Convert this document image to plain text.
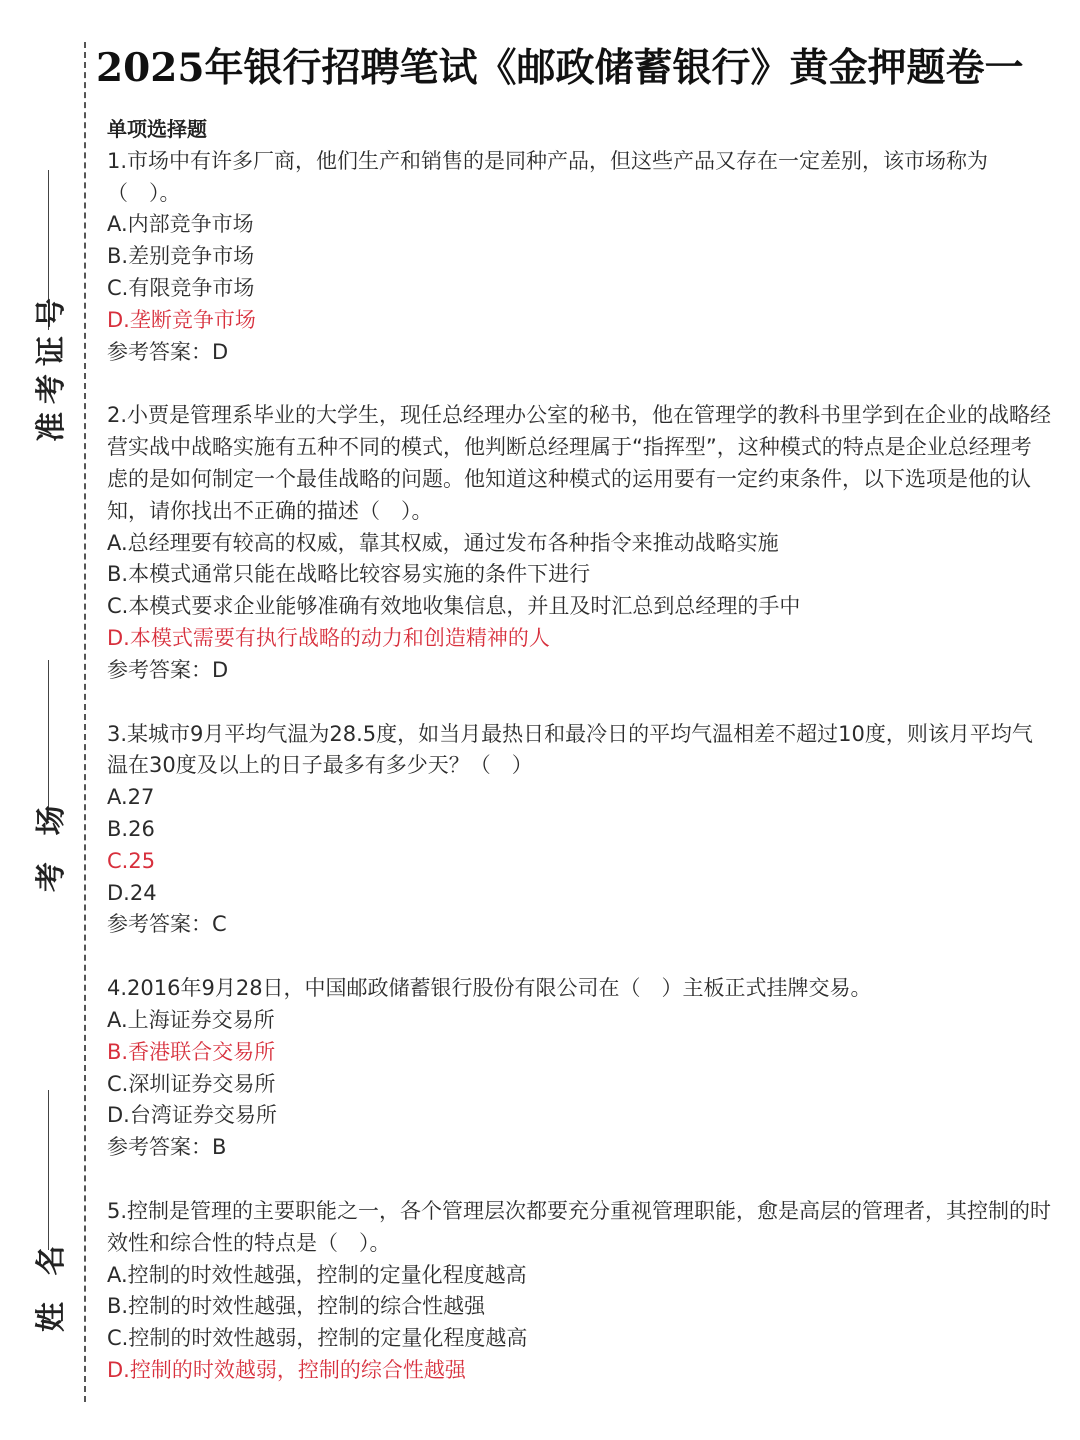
准考证号
考 场
姓 名
2025年银行招聘笔试《邮政储蓄银行》黄金押题卷一
单项选择题

1.市场中有许多厂商，他们生产和销售的是同种产品，但这些产品又存在一定差别，该市场称为（　）。

A.内部竞争市场
B.差别竞争市场
C.有限竞争市场
D.垄断竞争市场
参考答案：D

2.小贾是管理系毕业的大学生，现任总经理办公室的秘书，他在管理学的教科书里学到在企业的战略经营实战中战略实施有五种不同的模式，他判断总经理属于“指挥型”，这种模式的特点是企业总经理考虑的是如何制定一个最佳战略的问题。他知道这种模式的运用要有一定约束条件，以下选项是他的认知，请你找出不正确的描述（　）。

A.总经理要有较高的权威，靠其权威，通过发布各种指令来推动战略实施
B.本模式通常只能在战略比较容易实施的条件下进行
C.本模式要求企业能够准确有效地收集信息，并且及时汇总到总经理的手中
D.本模式需要有执行战略的动力和创造精神的人
参考答案：D

3.某城市9月平均气温为28.5度，如当月最热日和最冷日的平均气温相差不超过10度，则该月平均气温在30度及以上的日子最多有多少天？（　）

A.27
B.26
C.25
D.24
参考答案：C

4.2016年9月28日，中国邮政储蓄银行股份有限公司在（　）主板正式挂牌交易。

A.上海证券交易所
B.香港联合交易所
C.深圳证券交易所
D.台湾证券交易所
参考答案：B

5.控制是管理的主要职能之一，各个管理层次都要充分重视管理职能，愈是高层的管理者，其控制的时效性和综合性的特点是（　）。

A.控制的时效性越强，控制的定量化程度越高
B.控制的时效性越强，控制的综合性越强
C.控制的时效性越弱，控制的定量化程度越高
D.控制的时效越弱，控制的综合性越强
